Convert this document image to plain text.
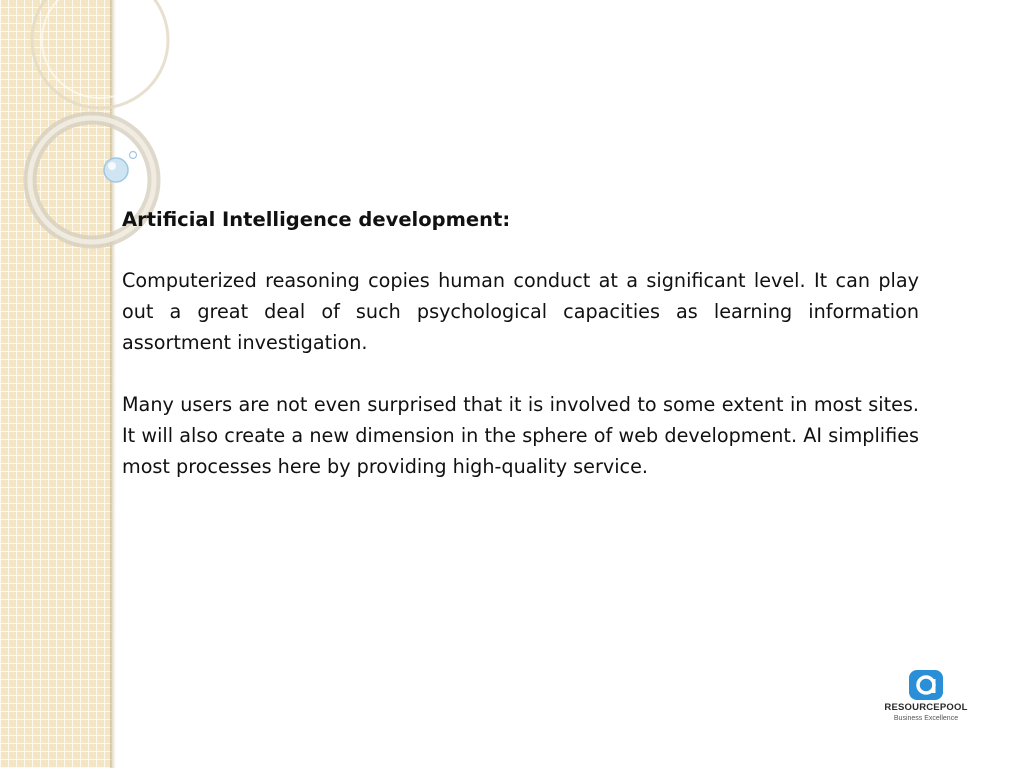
Artificial Intelligence development:
Computerized reasoning copies human conduct at a significant level. It can play out a great deal of such psychological capacities as learning information assortment investigation.
Many users are not even surprised that it is involved to some extent in most sites. It will also create a new dimension in the sphere of web development. AI simplifies most processes here by providing high-quality service.
RESOURCEPOOL
Business Excellence
